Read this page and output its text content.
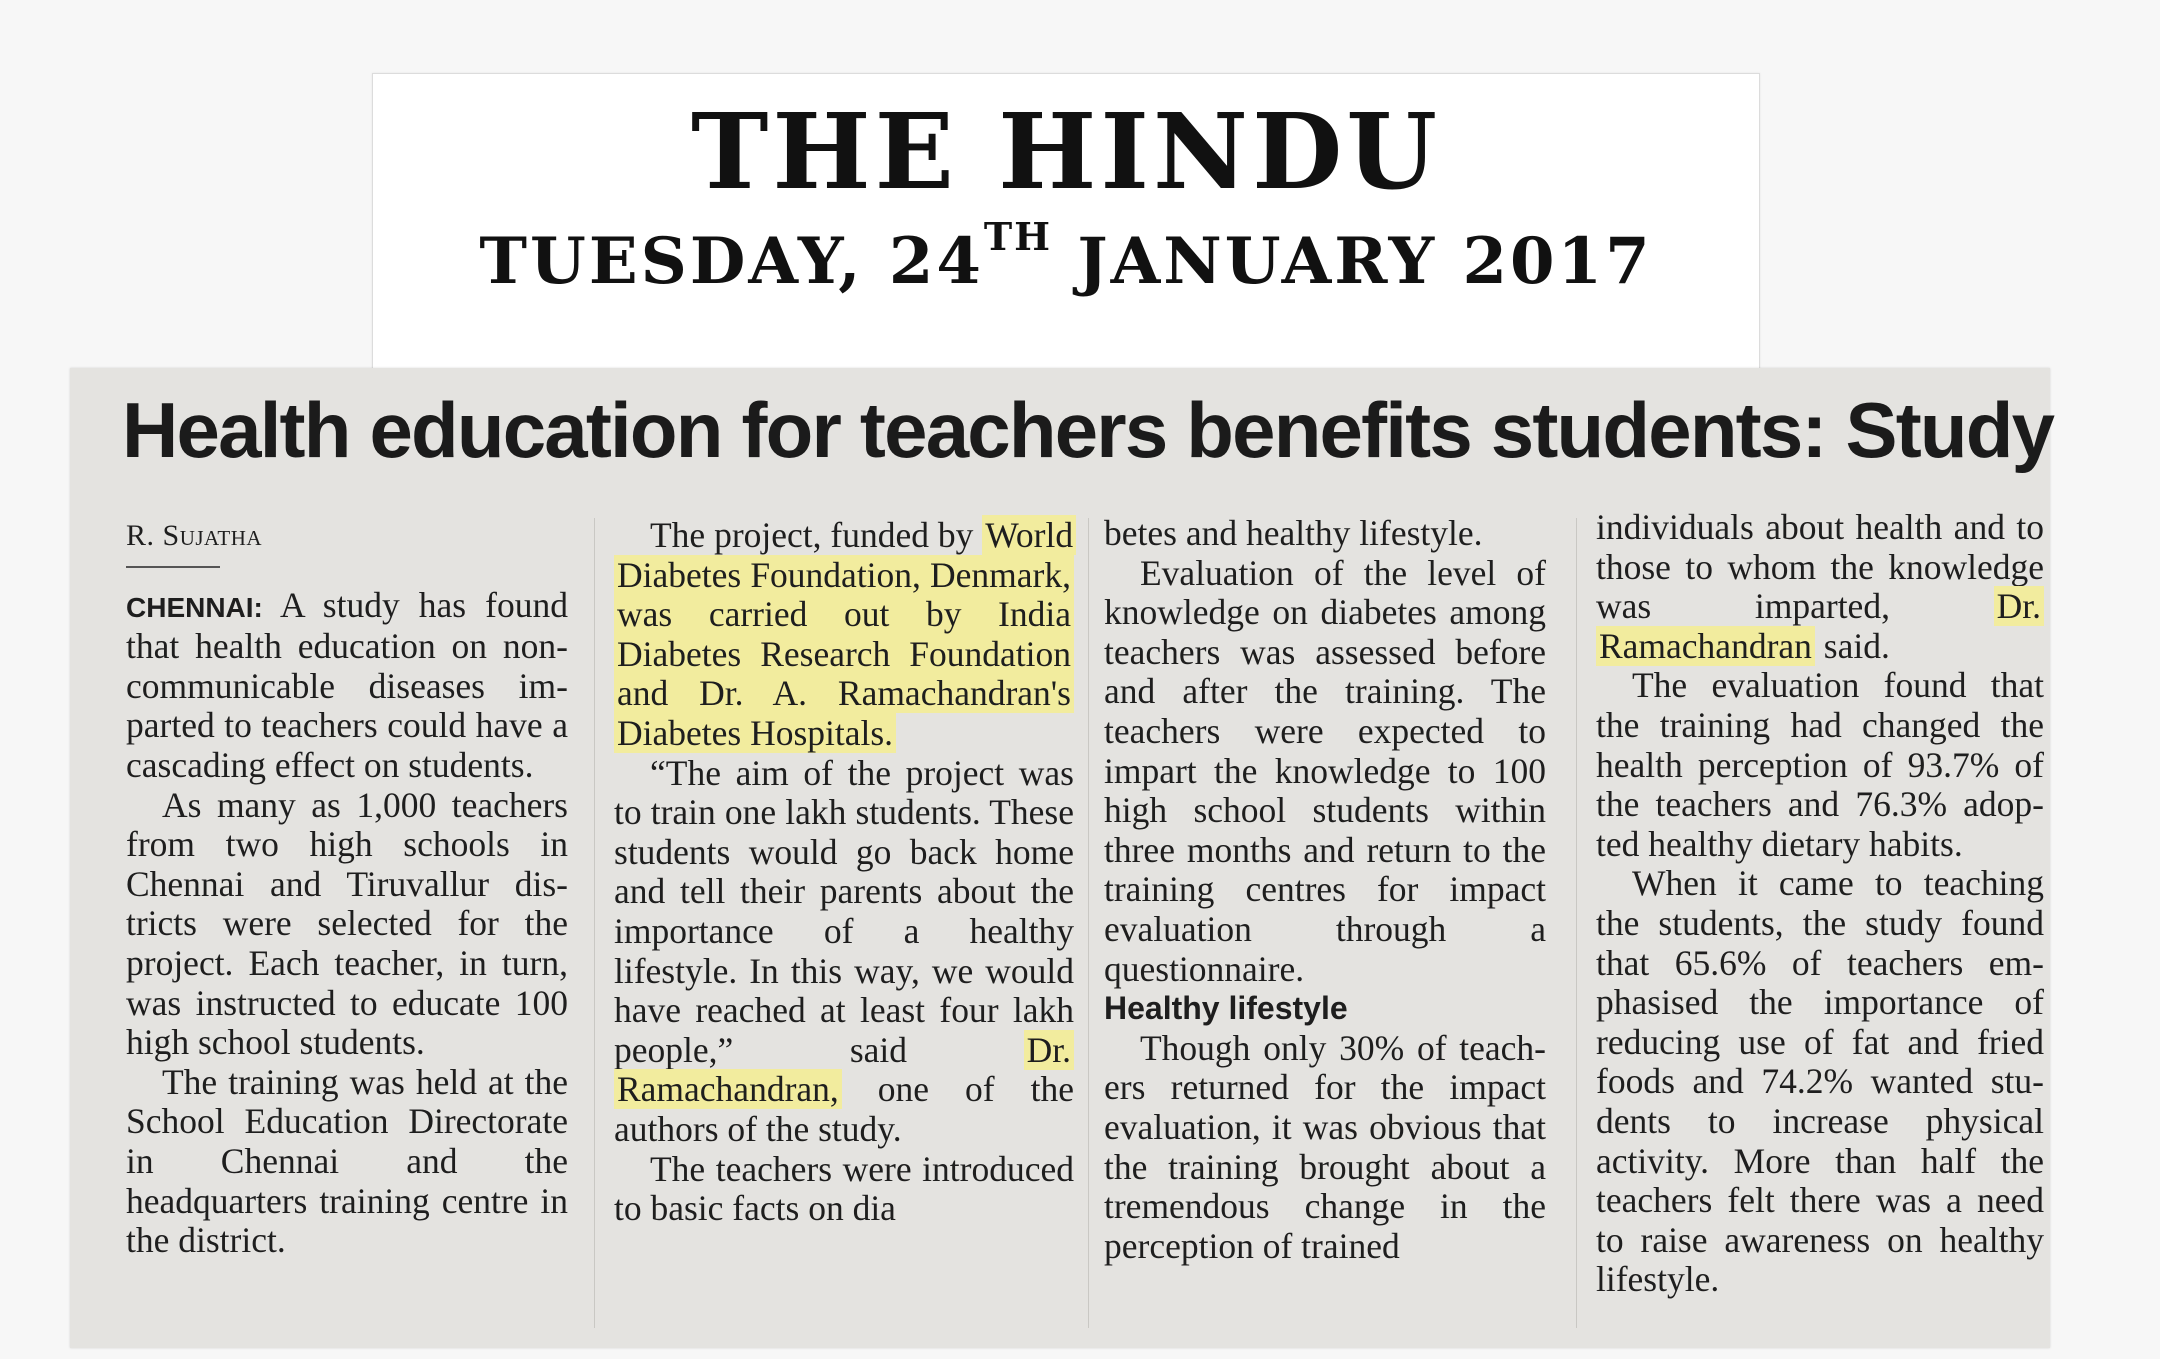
THE HINDU
TUESDAY, 24TH JANUARY 2017
Health education for teachers benefits students: Study
R. Sujatha

CHENNAI: A study has found that health education on non-communicable diseases imparted to teachers could have a cascading effect on students.

As many as 1,000 teachers from two high schools in Chennai and Tiruvallur districts were selected for the project. Each teacher, in turn, was instructed to educate 100 high school students.

The training was held at the School Education Directorate in Chennai and the headquarters training centre in the district.

The project, funded by World Diabetes Foundation, Denmark, was carried out by India Diabetes Research Foundation and Dr. A. Ramachandran's Diabetes Hospitals.

“The aim of the project was to train one lakh students. These students would go back home and tell their parents about the importance of a healthy lifestyle. In this way, we would have reached at least four lakh people,” said	Dr. Ramachandran, one of the authors of the study.

The teachers were introduced to basic facts on dia

betes and healthy lifestyle.

Evaluation of the level of knowledge on diabetes among teachers was assessed before and after the training. The teachers were expected to impart the knowledge to 100 high school students within three months and return to the training centres for impact evaluation through a questionnaire.

Healthy lifestyle

Though only 30% of teachers returned for the impact evaluation, it was obvious that the training brought about a tremendous change in the perception of trained

individuals about health and to those to whom the knowledge was imparted,	Dr. Ramachandran said.

The evaluation found that the training had changed the health perception of 93.7% of the teachers and 76.3% adopted healthy dietary habits.

When it came to teaching the students, the study found that 65.6% of teachers emphasised the importance of reducing use of fat and fried foods and 74.2% wanted students to increase physical activity. More than half the teachers felt there was a need to raise awareness on healthy lifestyle.
